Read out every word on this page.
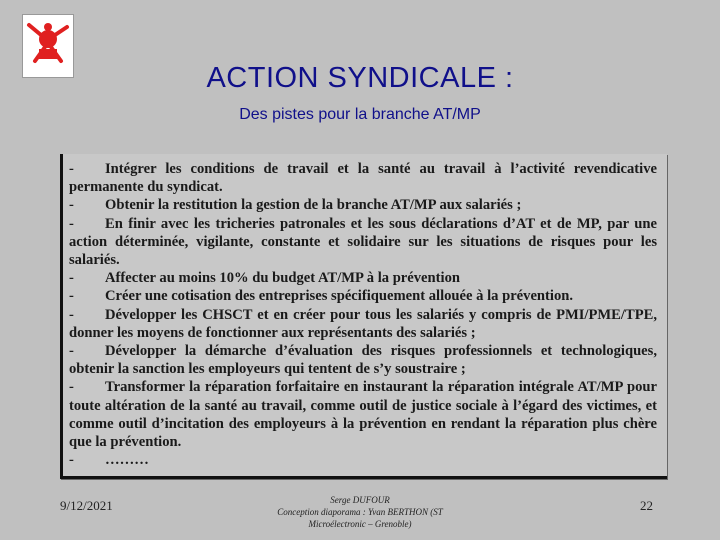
ACTION SYNDICALE :
Des pistes pour la branche AT/MP

- Intégrer les conditions de travail et la santé au travail à l’activité revendicative permanente du syndicat.

- Obtenir la restitution la gestion de la branche AT/MP aux salariés ;

- En finir avec les tricheries patronales et les sous déclarations d’AT et de MP, par une action déterminée, vigilante, constante et solidaire sur les situations de risques pour les salariés.

- Affecter au moins 10% du budget AT/MP à la prévention

- Créer une cotisation des entreprises spécifiquement allouée à la prévention.

- Développer les CHSCT et en créer pour tous les salariés y compris de PMI/PME/TPE, donner les moyens de fonctionner aux représentants des salariés ;

- Développer la démarche d’évaluation des risques professionnels et technologiques, obtenir la sanction les employeurs qui tentent de s’y soustraire ;

- Transformer la réparation forfaitaire en instaurant la réparation intégrale AT/MP pour toute altération de la santé au travail, comme outil de justice sociale à l’égard des victimes, et comme outil d’incitation des employeurs à la prévention en rendant la réparation plus chère que la prévention.

- ………

9/12/2021	Serge DUFOUR
Conception diaporama : Yvan BERTHON (ST
Microélectronic – Grenoble)
22
